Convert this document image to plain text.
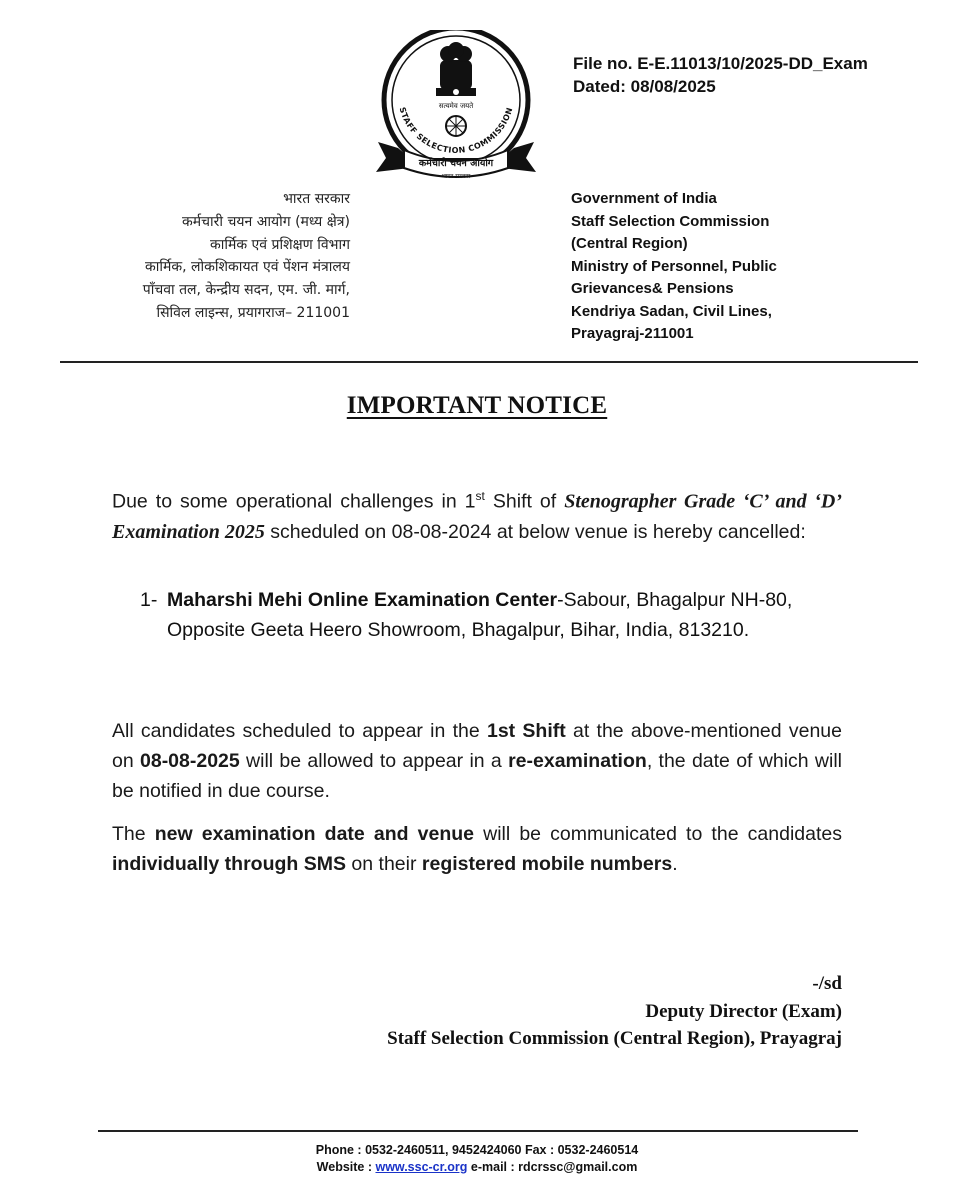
File no. E-E.11013/10/2025-DD_Exam
Dated: 08/08/2025
सत्यमेव जयते
STAFF SELECTION COMMISSION
कर्मचारी चयन आयोग
भारत सरकार
भारत सरकार
कर्मचारी चयन आयोग (मध्य क्षेत्र)
कार्मिक एवं प्रशिक्षण विभाग
कार्मिक, लोकशिकायत एवं पेंशन मंत्रालय
पाँचवा तल, केन्द्रीय सदन, एम. जी. मार्ग,
सिविल लाइन्स, प्रयागराज– 211001
Government of India
Staff Selection Commission
(Central Region)
Ministry of Personnel, Public
Grievances& Pensions
Kendriya Sadan, Civil Lines,
Prayagraj-211001
IMPORTANT NOTICE
Due to some operational challenges in 1st Shift of Stenographer Grade ‘C’ and ‘D’ Examination 2025 scheduled on 08-08-2024 at below venue is hereby cancelled:
1- Maharshi Mehi Online Examination Center-Sabour, Bhagalpur NH-80, Opposite Geeta Heero Showroom, Bhagalpur, Bihar, India, 813210.
All candidates scheduled to appear in the 1st Shift at the above-mentioned venue on 08-08-2025 will be allowed to appear in a re-examination, the date of which will be notified in due course.
The new examination date and venue will be communicated to the candidates individually through SMS on their registered mobile numbers.
-/sd
Deputy Director (Exam)
Staff Selection Commission (Central Region), Prayagraj
Phone : 0532-2460511, 9452424060 Fax : 0532-2460514
Website : www.ssc-cr.org e-mail : rdcrssc@gmail.com
